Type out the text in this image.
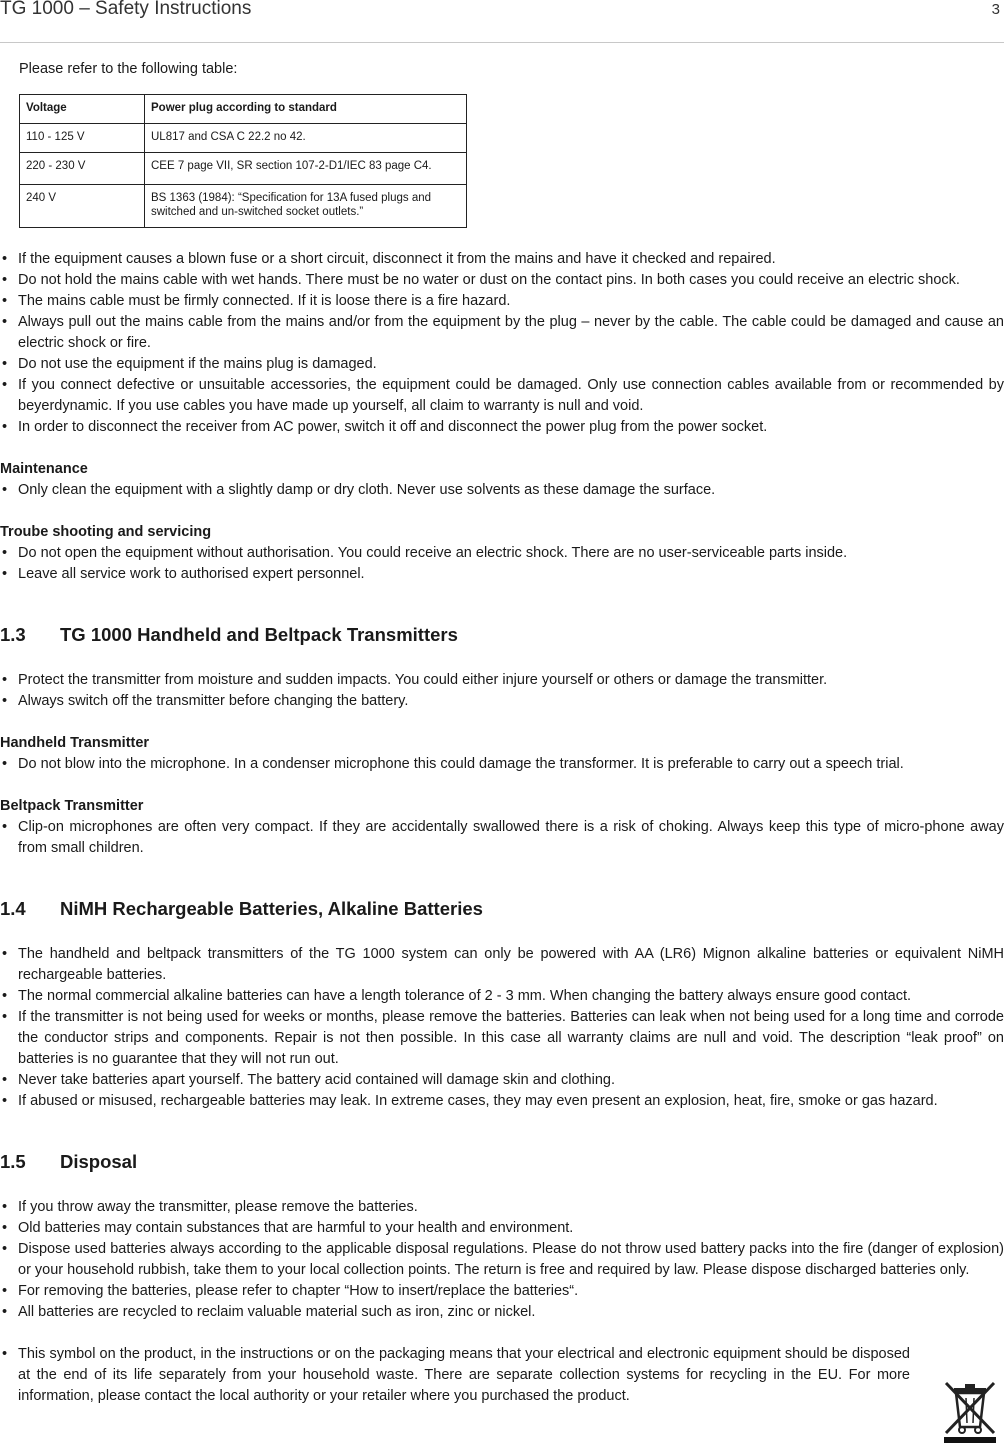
TG 1000 – Safety Instructions	3

Please refer to the following table:

Voltage	Power plug according to standard
110 - 125 V	UL817 and CSA C 22.2 no 42.
220 - 230 V	CEE 7 page VII, SR section 107-2-D1/IEC 83 page C4.
240 V	BS 1363 (1984): “Specification for 13A fused plugs and switched and un-switched socket outlets.”
• If the equipment causes a blown fuse or a short circuit, disconnect it from the mains and have it checked and repaired.
• Do not hold the mains cable with wet hands. There must be no water or dust on the contact pins. In both cases you could receive an electric shock.
• The mains cable must be firmly connected. If it is loose there is a fire hazard.
• Always pull out the mains cable from the mains and/or from the equipment by the plug – never by the cable. The cable could be damaged and cause an electric shock or fire.
• Do not use the equipment if the mains plug is damaged.
• If you connect defective or unsuitable accessories, the equipment could be damaged. Only use connection cables available from or recommended by beyerdynamic. If you use cables you have made up yourself, all claim to warranty is null and void.
• In order to disconnect the receiver from AC power, switch it off and disconnect the power plug from the power socket.
Maintenance
• Only clean the equipment with a slightly damp or dry cloth. Never use solvents as these damage the surface.
Troube shooting and servicing
• Do not open the equipment without authorisation. You could receive an electric shock. There are no user-serviceable parts inside.
• Leave all service work to authorised expert personnel.
1.3 TG 1000 Handheld and Beltpack Transmitters
• Protect the transmitter from moisture and sudden impacts. You could either injure yourself or others or damage the transmitter.
• Always switch off the transmitter before changing the battery.
Handheld Transmitter
• Do not blow into the microphone. In a condenser microphone this could damage the transformer. It is preferable to carry out a speech trial.
Beltpack Transmitter
• Clip-on microphones are often very compact. If they are accidentally swallowed there is a risk of choking. Always keep this type of micro-phone away from small children.
1.4 NiMH Rechargeable Batteries, Alkaline Batteries
• The handheld and beltpack transmitters of the TG 1000 system can only be powered with AA (LR6) Mignon alkaline batteries or equivalent NiMH rechargeable batteries.
• The normal commercial alkaline batteries can have a length tolerance of 2 - 3 mm. When changing the battery always ensure good contact.
• If the transmitter is not being used for weeks or months, please remove the batteries. Batteries can leak when not being used for a long time and corrode the conductor strips and components. Repair is not then possible. In this case all warranty claims are null and void. The description “leak proof” on batteries is no guarantee that they will not run out.
• Never take batteries apart yourself. The battery acid contained will damage skin and clothing.
• If abused or misused, rechargeable batteries may leak. In extreme cases, they may even present an explosion, heat, fire, smoke or gas hazard.
1.5 Disposal
• If you throw away the transmitter, please remove the batteries.
• Old batteries may contain substances that are harmful to your health and environment.
• Dispose used batteries always according to the applicable disposal regulations. Please do not throw used battery packs into the fire (danger of explosion) or your household rubbish, take them to your local collection points. The return is free and required by law. Please dispose discharged batteries only.
• For removing the batteries, please refer to chapter “How to insert/replace the batteries“.
• All batteries are recycled to reclaim valuable material such as iron, zinc or nickel.
• This symbol on the product, in the instructions or on the packaging means that your electrical and electronic equipment should be disposed at the end of its life separately from your household waste. There are separate collection systems for recycling in the EU. For more information, please contact the local authority or your retailer where you purchased the product.
